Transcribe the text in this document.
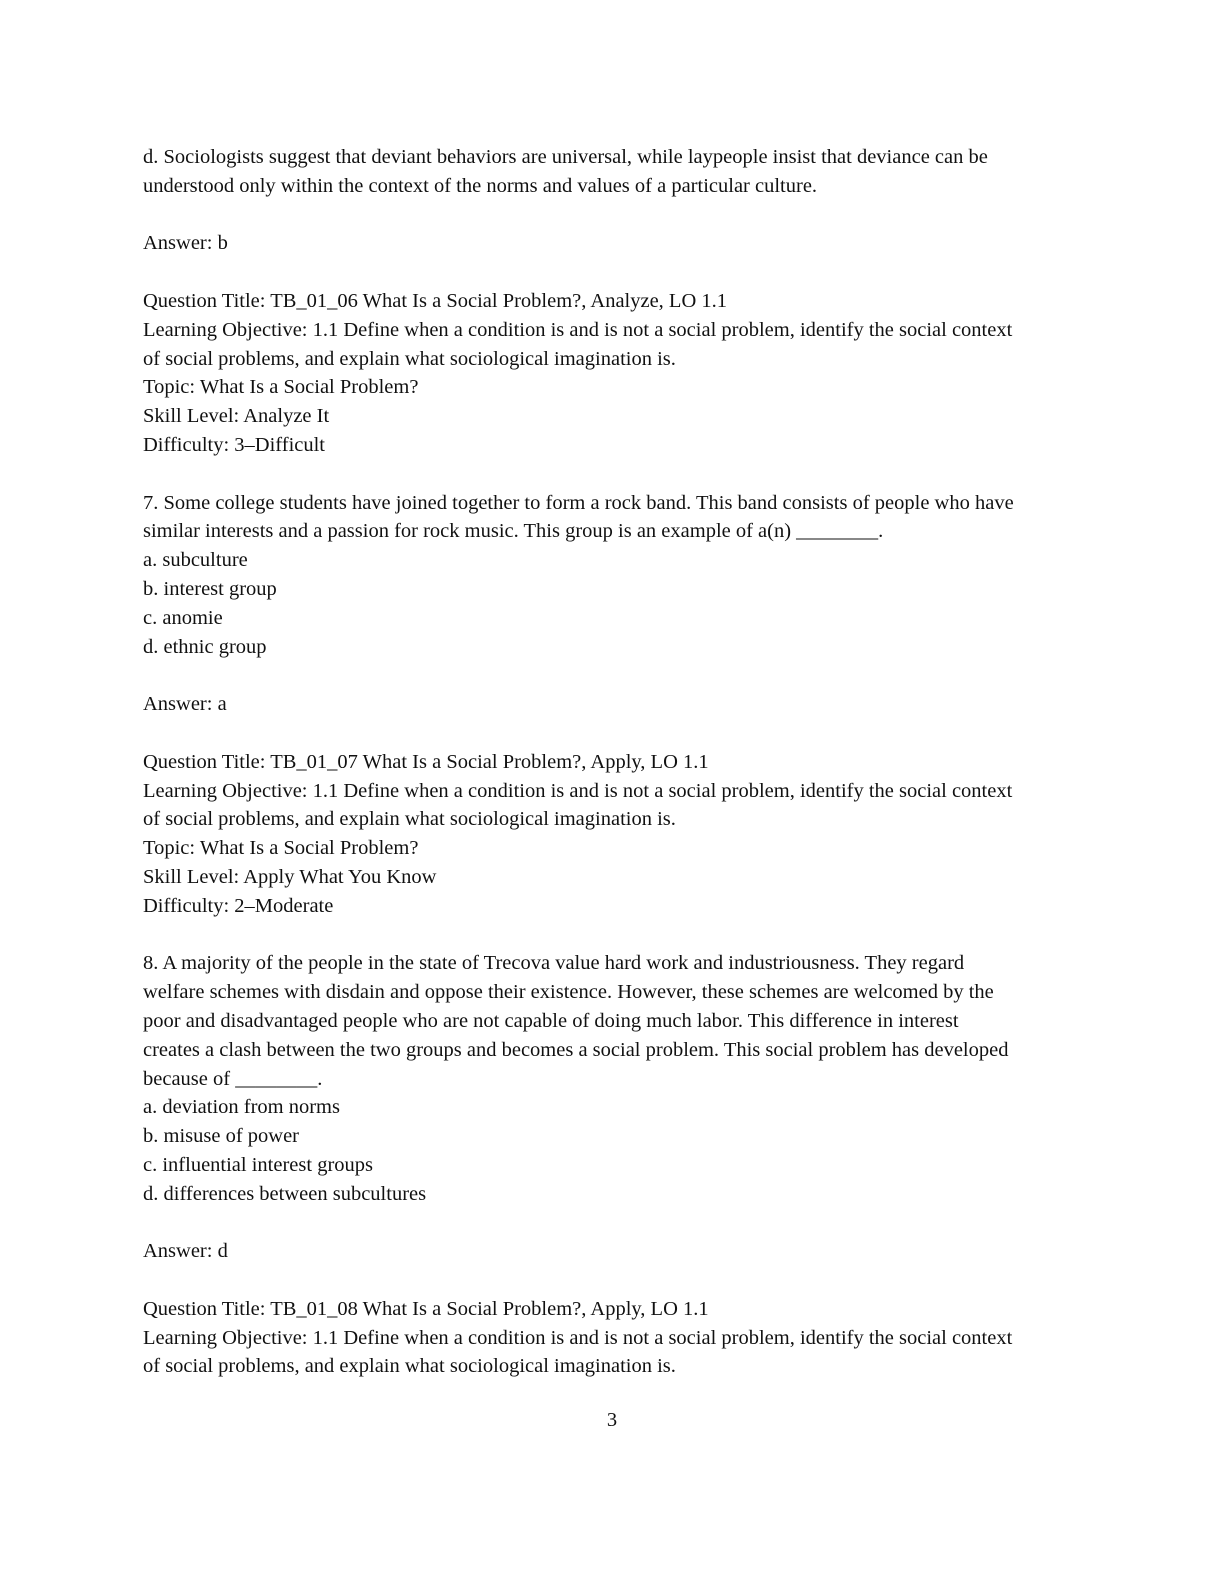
d. Sociologists suggest that deviant behaviors are universal, while laypeople insist that deviance can be
understood only within the context of the norms and values of a particular culture.
Answer: b
Question Title: TB_01_06 What Is a Social Problem?, Analyze, LO 1.1
Learning Objective: 1.1 Define when a condition is and is not a social problem, identify the social context
of social problems, and explain what sociological imagination is.
Topic: What Is a Social Problem?
Skill Level: Analyze It
Difficulty: 3–Difficult
7. Some college students have joined together to form a rock band. This band consists of people who have
similar interests and a passion for rock music. This group is an example of a(n) ________.
a. subculture
b. interest group
c. anomie
d. ethnic group
Answer: a
Question Title: TB_01_07 What Is a Social Problem?, Apply, LO 1.1
Learning Objective: 1.1 Define when a condition is and is not a social problem, identify the social context
of social problems, and explain what sociological imagination is.
Topic: What Is a Social Problem?
Skill Level: Apply What You Know
Difficulty: 2–Moderate
8. A majority of the people in the state of Trecova value hard work and industriousness. They regard
welfare schemes with disdain and oppose their existence. However, these schemes are welcomed by the
poor and disadvantaged people who are not capable of doing much labor. This difference in interest
creates a clash between the two groups and becomes a social problem. This social problem has developed
because of ________.
a. deviation from norms
b. misuse of power
c. influential interest groups
d. differences between subcultures
Answer: d
Question Title: TB_01_08 What Is a Social Problem?, Apply, LO 1.1
Learning Objective: 1.1 Define when a condition is and is not a social problem, identify the social context
of social problems, and explain what sociological imagination is.
3
